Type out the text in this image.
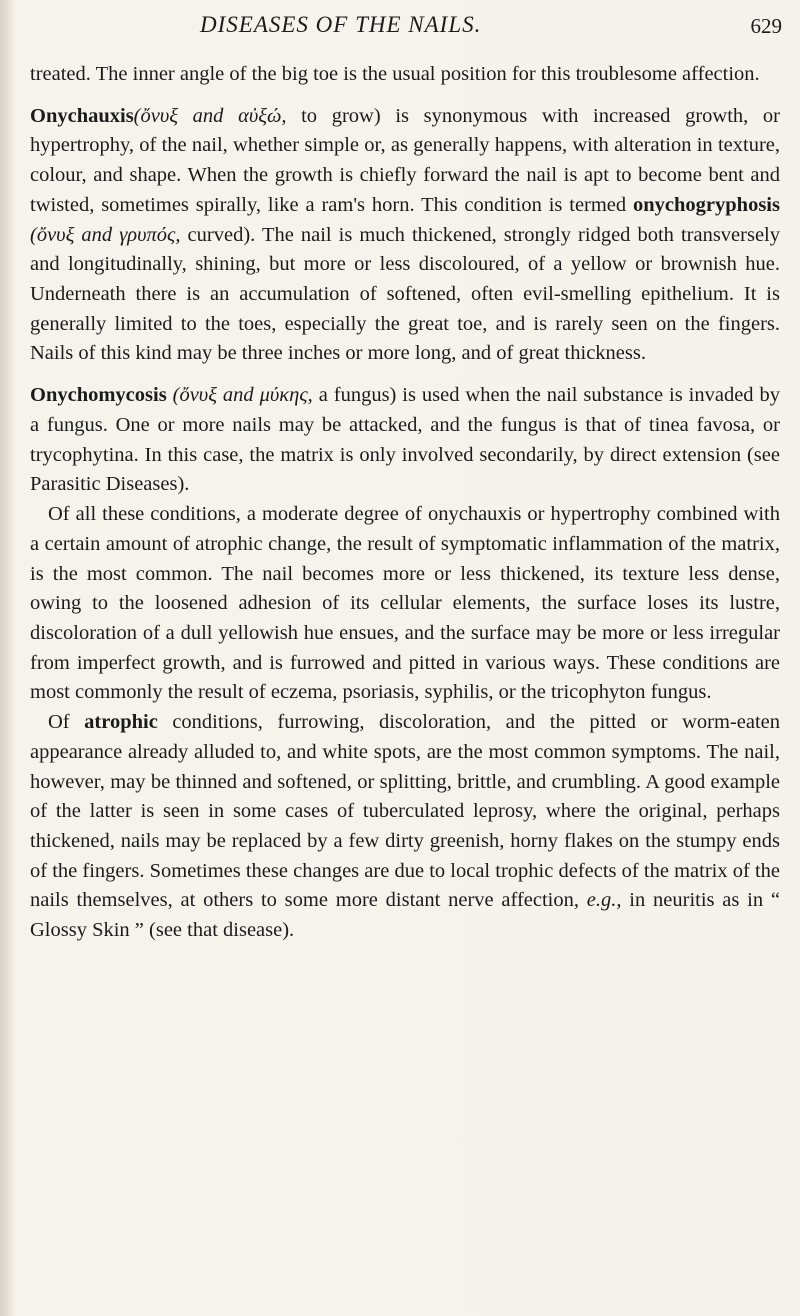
DISEASES OF THE NAILS.	629

treated. The inner angle of the big toe is the usual position for this troublesome affection.

Onychauxis(ὄνυξ and αὐξώ, to grow) is synonymous with increased growth, or hypertrophy, of the nail, whether simple or, as generally happens, with alteration in texture, colour, and shape. When the growth is chiefly forward the nail is apt to become bent and twisted, sometimes spirally, like a ram's horn. This condition is termed onychogryphosis (ὄνυξ and γρυπός, curved). The nail is much thickened, strongly ridged both transversely and longitudinally, shining, but more or less discoloured, of a yellow or brownish hue. Underneath there is an accumulation of softened, often evil-smelling epithelium. It is generally limited to the toes, especially the great toe, and is rarely seen on the fingers. Nails of this kind may be three inches or more long, and of great thickness.

Onychomycosis (ὄνυξ and μύκης, a fungus) is used when the nail substance is invaded by a fungus. One or more nails may be attacked, and the fungus is that of tinea favosa, or trycophytina. In this case, the matrix is only involved secondarily, by direct extension (see Parasitic Diseases).

Of all these conditions, a moderate degree of onychauxis or hypertrophy combined with a certain amount of atrophic change, the result of symptomatic inflammation of the matrix, is the most common. The nail becomes more or less thickened, its texture less dense, owing to the loosened adhesion of its cellular elements, the surface loses its lustre, discoloration of a dull yellowish hue ensues, and the surface may be more or less irregular from imperfect growth, and is furrowed and pitted in various ways. These conditions are most commonly the result of eczema, psoriasis, syphilis, or the tricophyton fungus.

Of atrophic conditions, furrowing, discoloration, and the pitted or worm-eaten appearance already alluded to, and white spots, are the most common symptoms. The nail, however, may be thinned and softened, or splitting, brittle, and crumbling. A good example of the latter is seen in some cases of tuberculated leprosy, where the original, perhaps thickened, nails may be replaced by a few dirty greenish, horny flakes on the stumpy ends of the fingers. Sometimes these changes are due to local trophic defects of the matrix of the nails themselves, at others to some more distant nerve affection, e.g., in neuritis as in “ Glossy Skin ” (see that disease).
